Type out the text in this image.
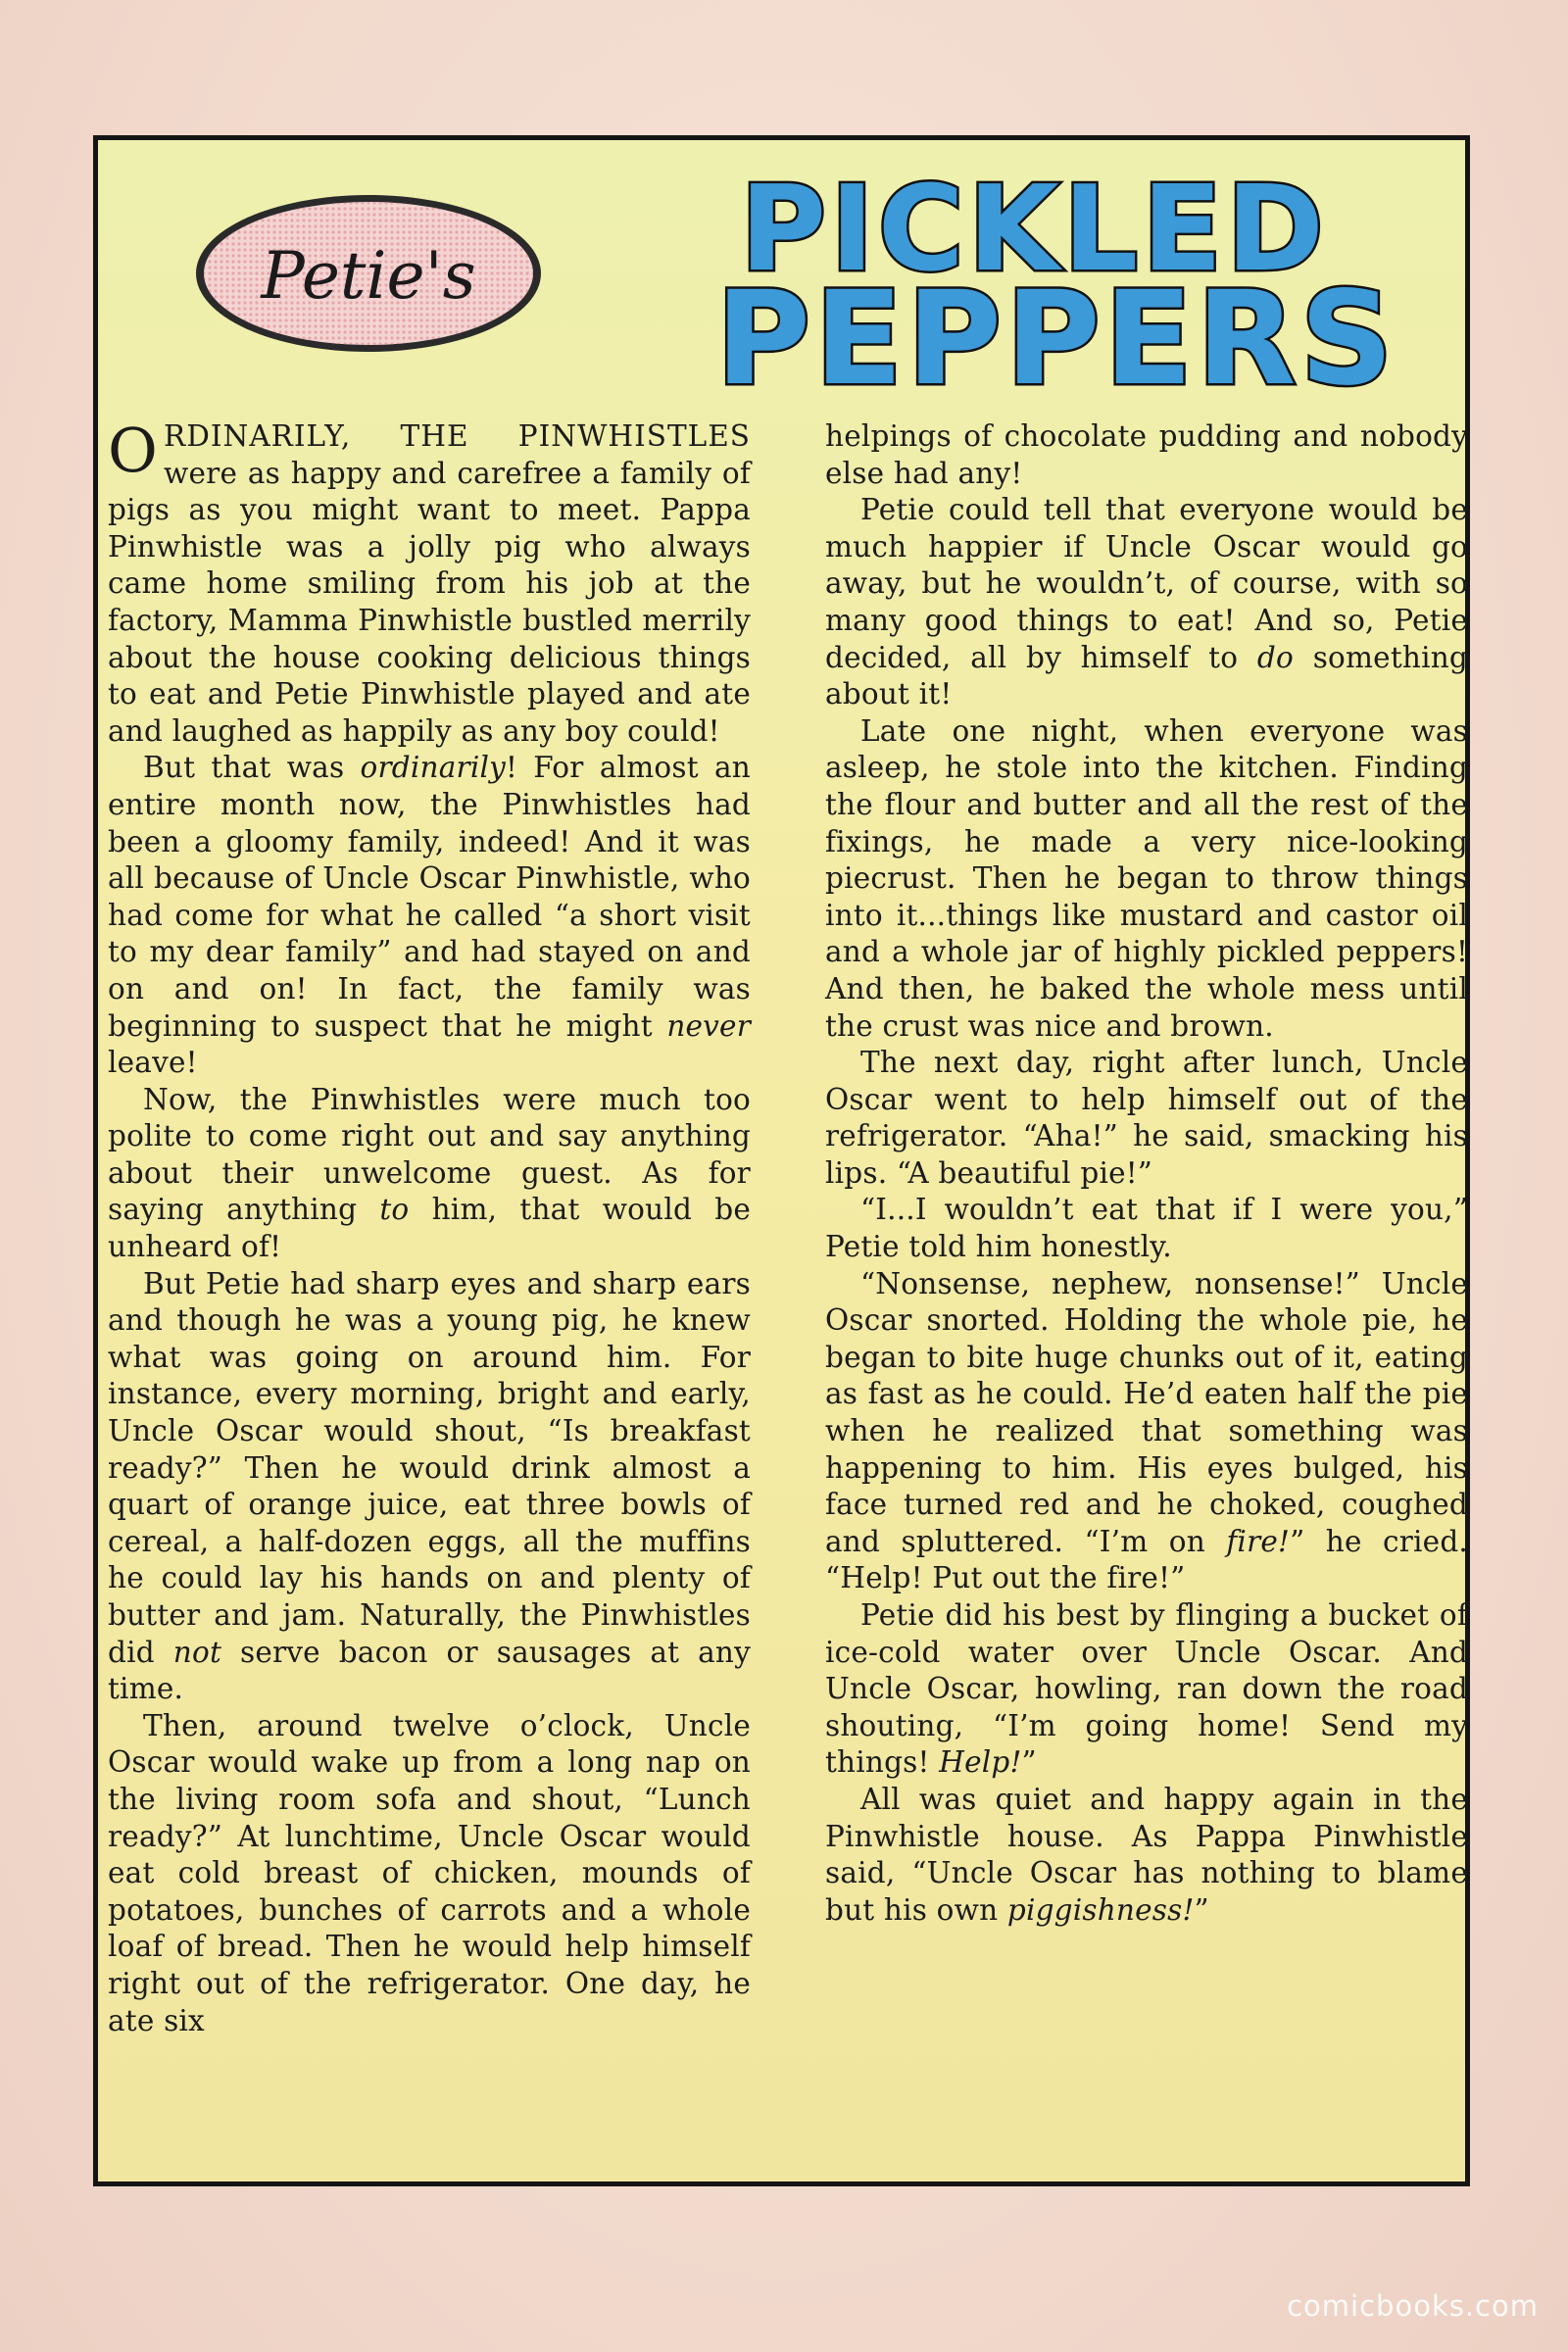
Petie's PICKLED
PEPPERS

ORDINARILY, THE PINWHISTLES were as happy and carefree a family of pigs as you might want to meet. Pappa Pinwhistle was a jolly pig who always came home smiling from his job at the factory, Mamma Pinwhistle bustled merrily about the house cooking delicious things to eat and Petie Pinwhistle played and ate and laughed as happily as any boy could!

But that was ordinarily! For almost an entire month now, the Pinwhistles had been a gloomy family, indeed! And it was all because of Uncle Oscar Pinwhistle, who had come for what he called “a short visit to my dear family” and had stayed on and on and on! In fact, the family was beginning to suspect that he might never leave!

Now, the Pinwhistles were much too polite to come right out and say anything about their unwelcome guest. As for saying anything to him, that would be unheard of!

But Petie had sharp eyes and sharp ears and though he was a young pig, he knew what was going on around him. For instance, every morning, bright and early, Uncle Oscar would shout, “Is breakfast ready?” Then he would drink almost a quart of orange juice, eat three bowls of cereal, a half-dozen eggs, all the muffins he could lay his hands on and plenty of butter and jam. Naturally, the Pinwhistles did not serve bacon or sausages at any time.

Then, around twelve o’clock, Uncle Oscar would wake up from a long nap on the living room sofa and shout, “Lunch ready?” At lunchtime, Uncle Oscar would eat cold breast of chicken, mounds of potatoes, bunches of carrots and a whole loaf of bread. Then he would help himself right out of the refrigerator. One day, he ate six

helpings of chocolate pudding and nobody else had any!

Petie could tell that everyone would be much happier if Uncle Oscar would go away, but he wouldn’t, of course, with so many good things to eat! And so, Petie decided, all by himself to do something about it!

Late one night, when everyone was asleep, he stole into the kitchen. Finding the flour and butter and all the rest of the fixings, he made a very nice-looking piecrust. Then he began to throw things into it...things like mustard and castor oil and a whole jar of highly pickled peppers! And then, he baked the whole mess until the crust was nice and brown.

The next day, right after lunch, Uncle Oscar went to help himself out of the refrigerator. “Aha!” he said, smacking his lips. “A beautiful pie!”

“I...I wouldn’t eat that if I were you,” Petie told him honestly.

“Nonsense, nephew, nonsense!” Uncle Oscar snorted. Holding the whole pie, he began to bite huge chunks out of it, eating as fast as he could. He’d eaten half the pie when he realized that something was happening to him. His eyes bulged, his face turned red and he choked, coughed and spluttered. “I’m on fire!” he cried. “Help! Put out the fire!”

Petie did his best by flinging a bucket of ice-cold water over Uncle Oscar. And Uncle Oscar, howling, ran down the road shouting, “I’m going home! Send my things! Help!”

All was quiet and happy again in the Pinwhistle house. As Pappa Pinwhistle said, “Uncle Oscar has nothing to blame but his own piggishness!”

comicbooks.com
